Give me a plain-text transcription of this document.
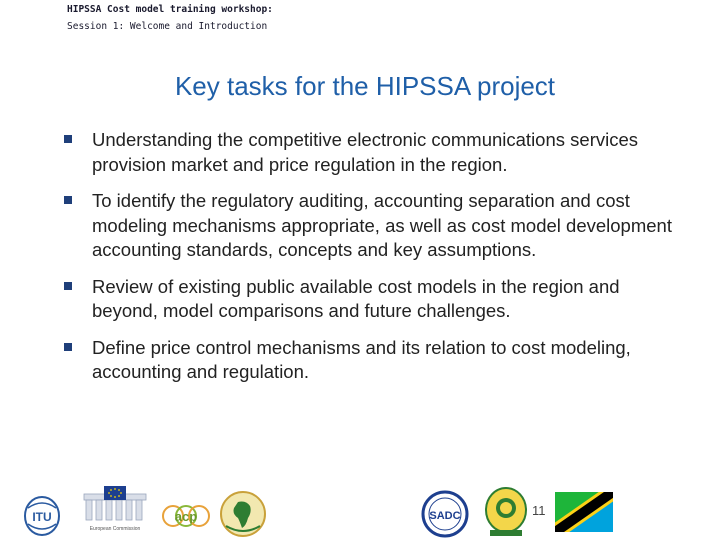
HIPSSA Cost model training workshop:
Session 1: Welcome and Introduction
Key tasks for the HIPSSA project
Understanding the competitive electronic communications services provision market and price regulation in the region.
To identify the regulatory auditing, accounting separation and cost modeling mechanisms appropriate, as well as cost model development accounting standards, concepts and key assumptions.
Review of existing public available cost models in the region and beyond, model comparisons and future challenges.
Define price control mechanisms and its relation to cost modeling, accounting and regulation.
ITU
European Commission
acp	SADC	11
